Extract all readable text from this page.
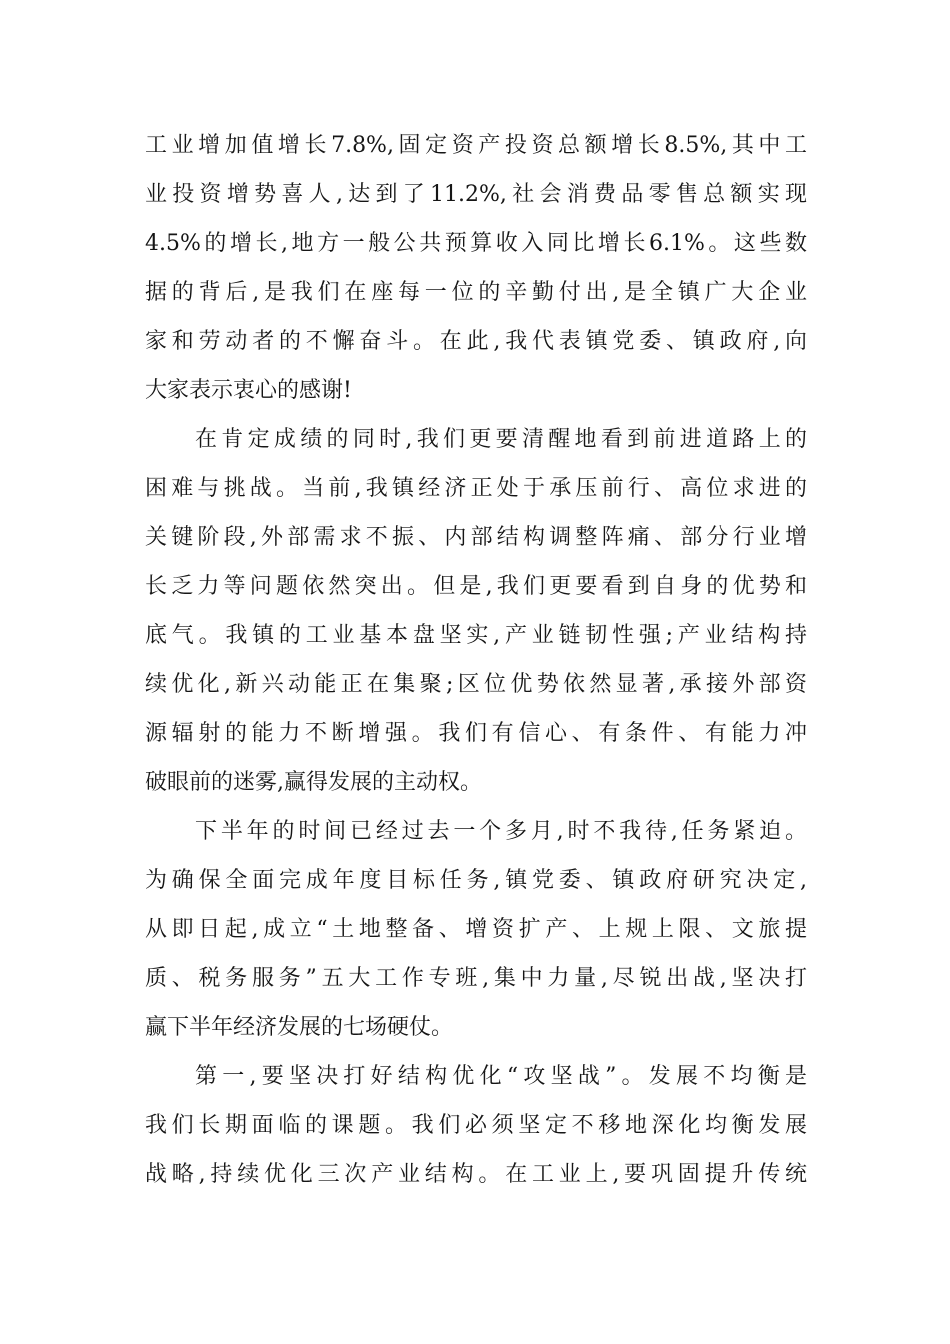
工业增加值增长7.8%,固定资产投资总额增长8.5%,其中工
业投资增势喜人,达到了11.2%,社会消费品零售总额实现
4.5%的增长,地方一般公共预算收入同比增长6.1%。这些数
据的背后,是我们在座每一位的辛勤付出,是全镇广大企业
家和劳动者的不懈奋斗。在此,我代表镇党委、镇政府,向
大家表示衷心的感谢!
在肯定成绩的同时,我们更要清醒地看到前进道路上的
困难与挑战。当前,我镇经济正处于承压前行、高位求进的
关键阶段,外部需求不振、内部结构调整阵痛、部分行业增
长乏力等问题依然突出。但是,我们更要看到自身的优势和
底气。我镇的工业基本盘坚实,产业链韧性强;产业结构持
续优化,新兴动能正在集聚;区位优势依然显著,承接外部资
源辐射的能力不断增强。我们有信心、有条件、有能力冲
破眼前的迷雾,赢得发展的主动权。
下半年的时间已经过去一个多月,时不我待,任务紧迫。
为确保全面完成年度目标任务,镇党委、镇政府研究决定,
从即日起,成立“土地整备、增资扩产、上规上限、文旅提
质、税务服务”五大工作专班,集中力量,尽锐出战,坚决打
赢下半年经济发展的七场硬仗。
第一,要坚决打好结构优化“攻坚战”。发展不均衡是
我们长期面临的课题。我们必须坚定不移地深化均衡发展
战略,持续优化三次产业结构。在工业上,要巩固提升传统
